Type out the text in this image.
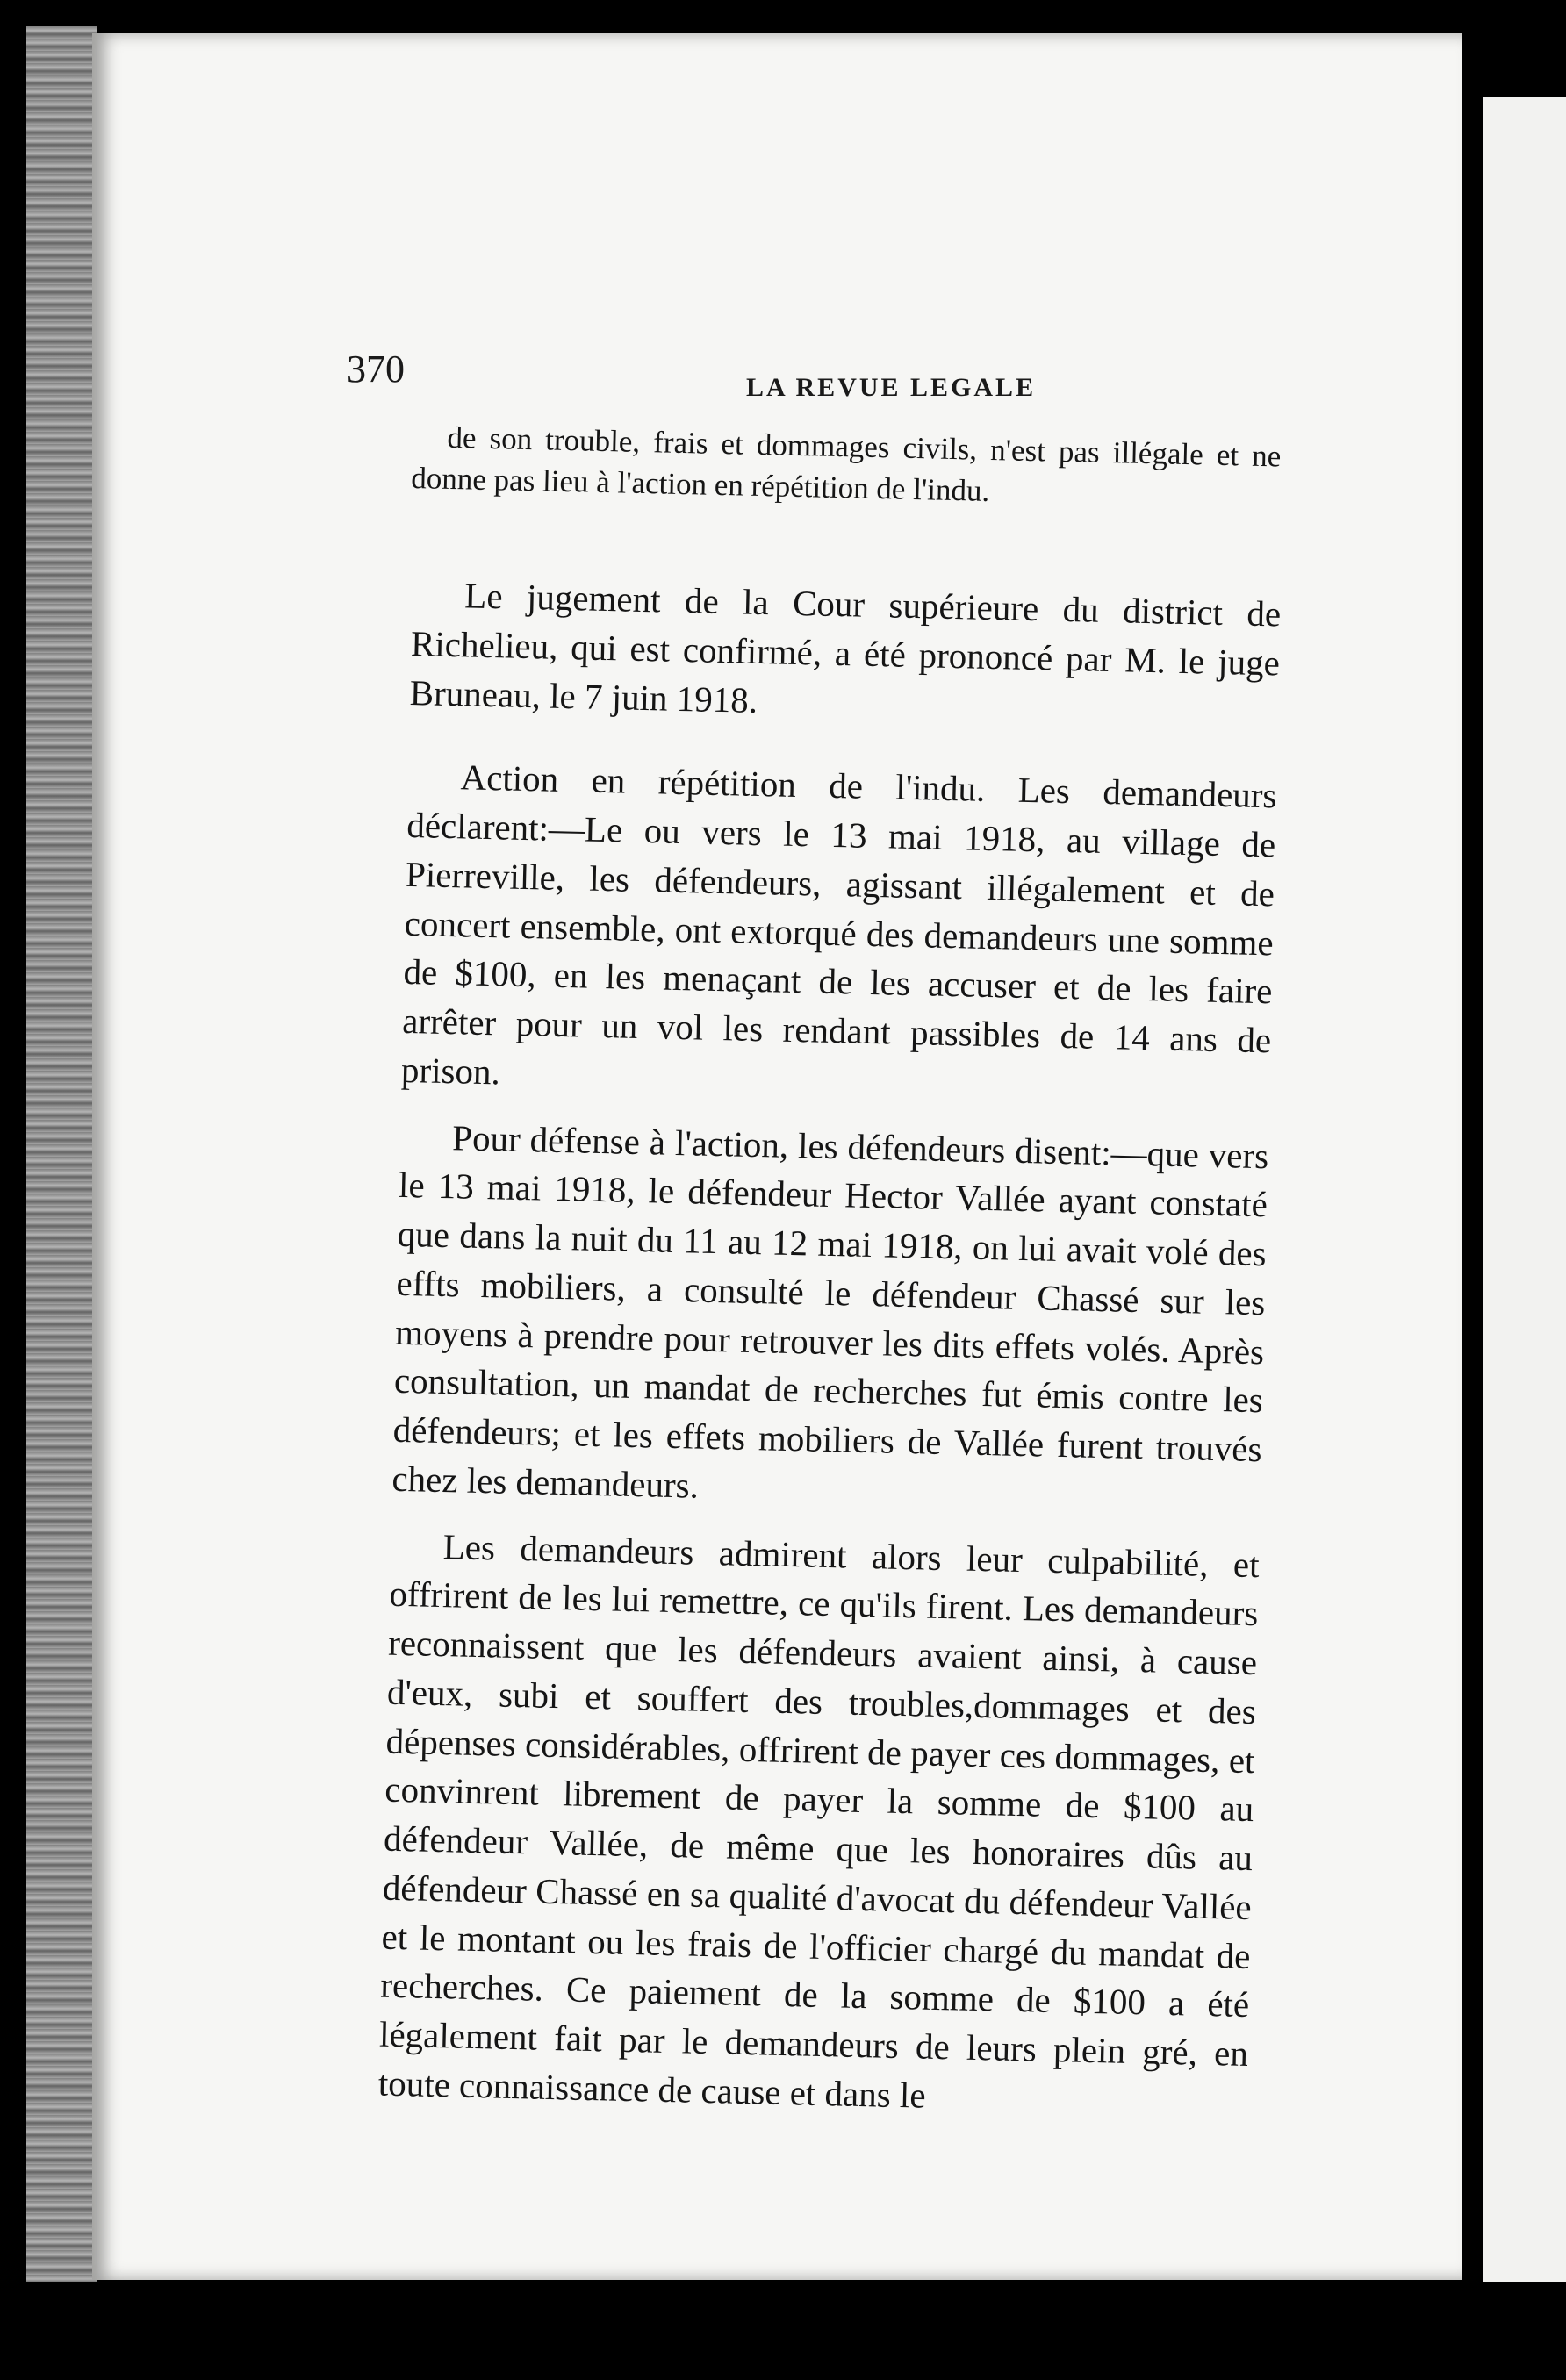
370	LA REVUE LEGALE

de son trouble, frais et dommages civils, n'est pas illégale et ne donne pas lieu à l'action en répétition de l'indu.

Le jugement de la Cour supérieure du district de Richelieu, qui est confirmé, a été prononcé par M. le juge Bruneau, le 7 juin 1918.

Action en répétition de l'indu. Les demandeurs déclarent:—Le ou vers le 13 mai 1918, au village de Pierreville, les défendeurs, agissant illégalement et de concert ensemble, ont extorqué des demandeurs une somme de $100, en les menaçant de les accuser et de les faire arrêter pour un vol les rendant passibles de 14 ans de prison.

Pour défense à l'action, les défendeurs disent:—que vers le 13 mai 1918, le défendeur Hector Vallée ayant constaté que dans la nuit du 11 au 12 mai 1918, on lui avait volé des effts mobiliers, a consulté le défendeur Chassé sur les moyens à prendre pour retrouver les dits effets volés. Après consultation, un mandat de recherches fut émis contre les défendeurs; et les effets mobiliers de Vallée furent trouvés chez les demandeurs.

Les demandeurs admirent alors leur culpabilité, et offrirent de les lui remettre, ce qu'ils firent. Les demandeurs reconnaissent que les défendeurs avaient ainsi, à cause d'eux, subi et souffert des troubles,dommages et des dépenses considérables, offrirent de payer ces dommages, et convinrent librement de payer la somme de $100 au défendeur Vallée, de même que les honoraires dûs au défendeur Chassé en sa qualité d'avocat du défendeur Vallée et le montant ou les frais de l'officier chargé du mandat de recherches. Ce paiement de la somme de $100 a été légalement fait par le demandeurs de leurs plein gré, en toute connaissance de cause et dans le
